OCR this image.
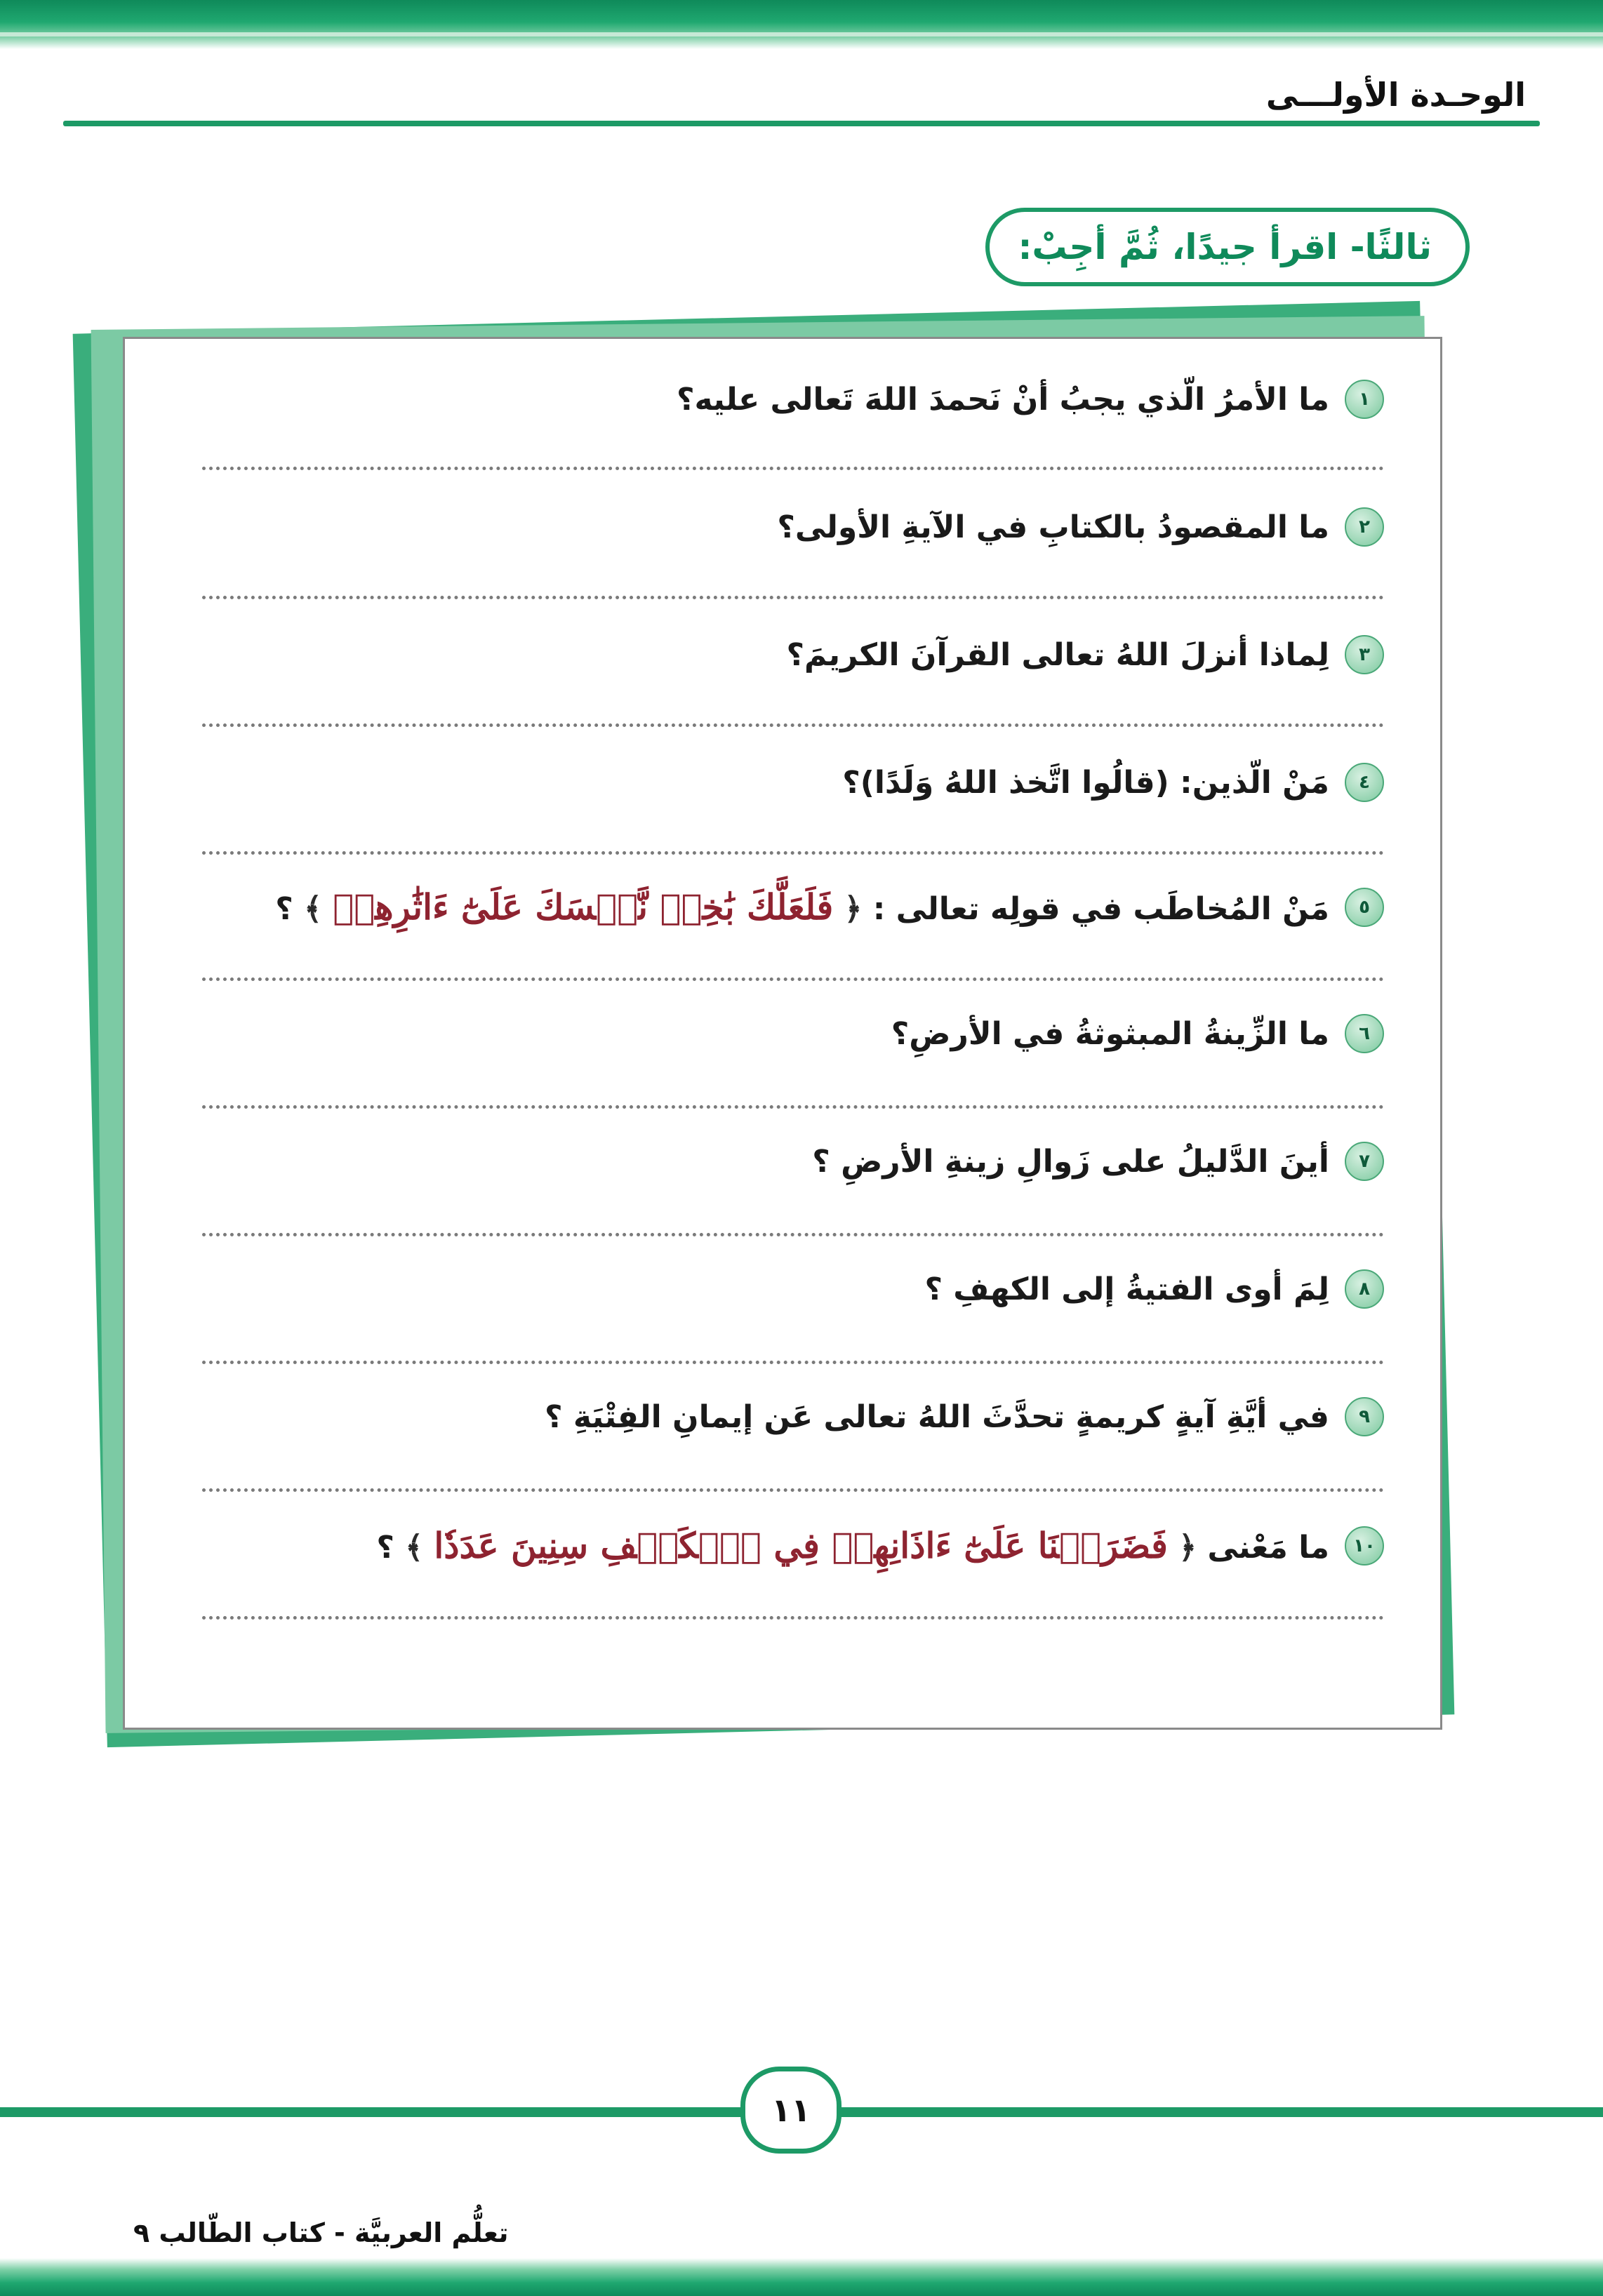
الوحـدة الأولـــى
ثالثًا- اقرأ جيدًا، ثُمَّ أجِبْ:
١
ما الأمرُ الّذي يجبُ أنْ نَحمدَ اللهَ تَعالى عليه؟
٢
ما المقصودُ بالكتابِ في الآيةِ الأولى؟
٣
لِماذا أنزلَ اللهُ تعالى القرآنَ الكريمَ؟
٤
مَنْ الّذين: (قالُوا اتَّخذ اللهُ وَلَدًا)؟
٥
مَنْ المُخاطَب في قولِه تعالى : ﴿ فَلَعَلَّكَ بَٰخِعٞ نَّفۡسَكَ عَلَىٰٓ ءَاثَٰرِهِمۡ ﴾ ؟
٦
ما الزِّينةُ المبثوثةُ في الأرضِ؟
٧
أينَ الدَّليلُ على زَوالِ زينةِ الأرضِ ؟
٨
لِمَ أوى الفتيةُ إلى الكهفِ ؟
٩
في أيَّةِ آيةٍ كريمةٍ تحدَّثَ اللهُ تعالى عَن إيمانِ الفِتْيَةِ ؟
١٠
ما مَعْنى ﴿ فَضَرَبۡنَا عَلَىٰٓ ءَاذَانِهِمۡ فِي ٱلۡكَهۡفِ سِنِينَ عَدَدٗا ﴾ ؟
١١
تعلُّم العربيَّة - كتاب الطّالب ٩
